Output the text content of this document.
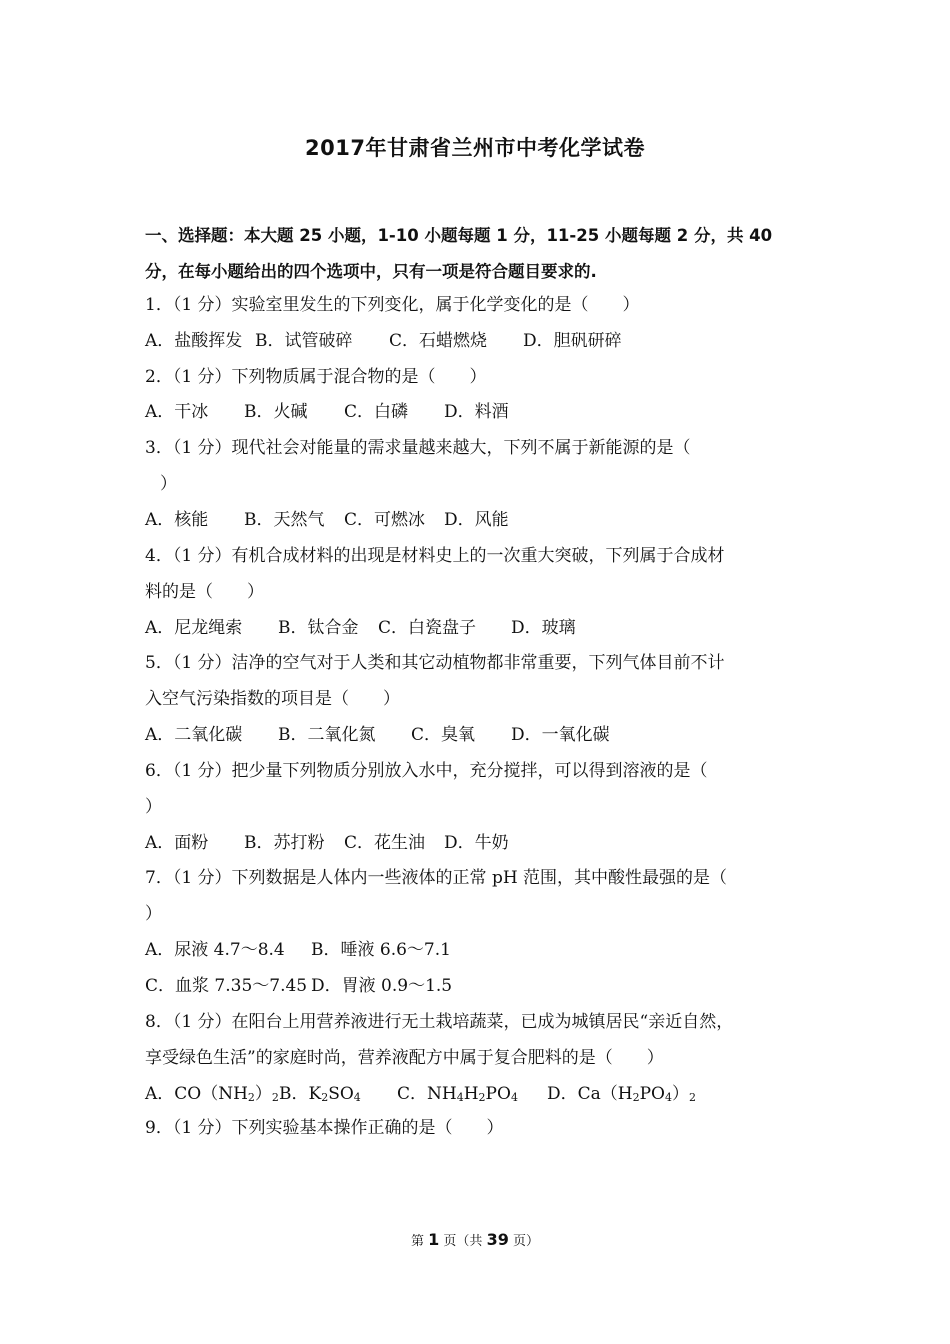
2017年甘肃省兰州市中考化学试卷
一、选择题：本大题 25 小题，1-10 小题每题 1 分，11-25 小题每题 2 分，共 40
分，在每小题给出的四个选项中，只有一项是符合题目要求的.
1．（1 分）实验室里发生的下列变化，属于化学变化的是（　　）
A．盐酸挥发 B．试管破碎 C．石蜡燃烧 D．胆矾研碎
2．（1 分）下列物质属于混合物的是（　　）
A．干冰 B．火碱 C．白磷 D．料酒
3．（1 分）现代社会对能量的需求量越来越大，下列不属于新能源的是（
）
A．核能 B．天然气 C．可燃冰 D．风能
4．（1 分）有机合成材料的出现是材料史上的一次重大突破，下列属于合成材
料的是（　　）
A．尼龙绳索 B．钛合金 C．白瓷盘子 D．玻璃
5．（1 分）洁净的空气对于人类和其它动植物都非常重要，下列气体目前不计
入空气污染指数的项目是（　　）
A．二氧化碳 B．二氧化氮 C．臭氧 D．一氧化碳
6．（1 分）把少量下列物质分别放入水中，充分搅拌，可以得到溶液的是（
）
A．面粉 B．苏打粉 C．花生油 D．牛奶
7．（1 分）下列数据是人体内一些液体的正常 pH 范围，其中酸性最强的是（
）
A．尿液 4.7～8.4 B．唾液 6.6～7.1
C．血浆 7.35～7.45 D．胃液 0.9～1.5
8．（1 分）在阳台上用营养液进行无土栽培蔬菜，已成为城镇居民“亲近自然，
享受绿色生活”的家庭时尚，营养液配方中属于复合肥料的是（　　）
A．$CO(NH_2)_2B$．$K_2SO_4$ C．$NH_4H_2PO_4$ D．$Ca(H_2PO_4)_2$
9．（1 分）下列实验基本操作正确的是（　　）
第 1 页（共 39 页）
